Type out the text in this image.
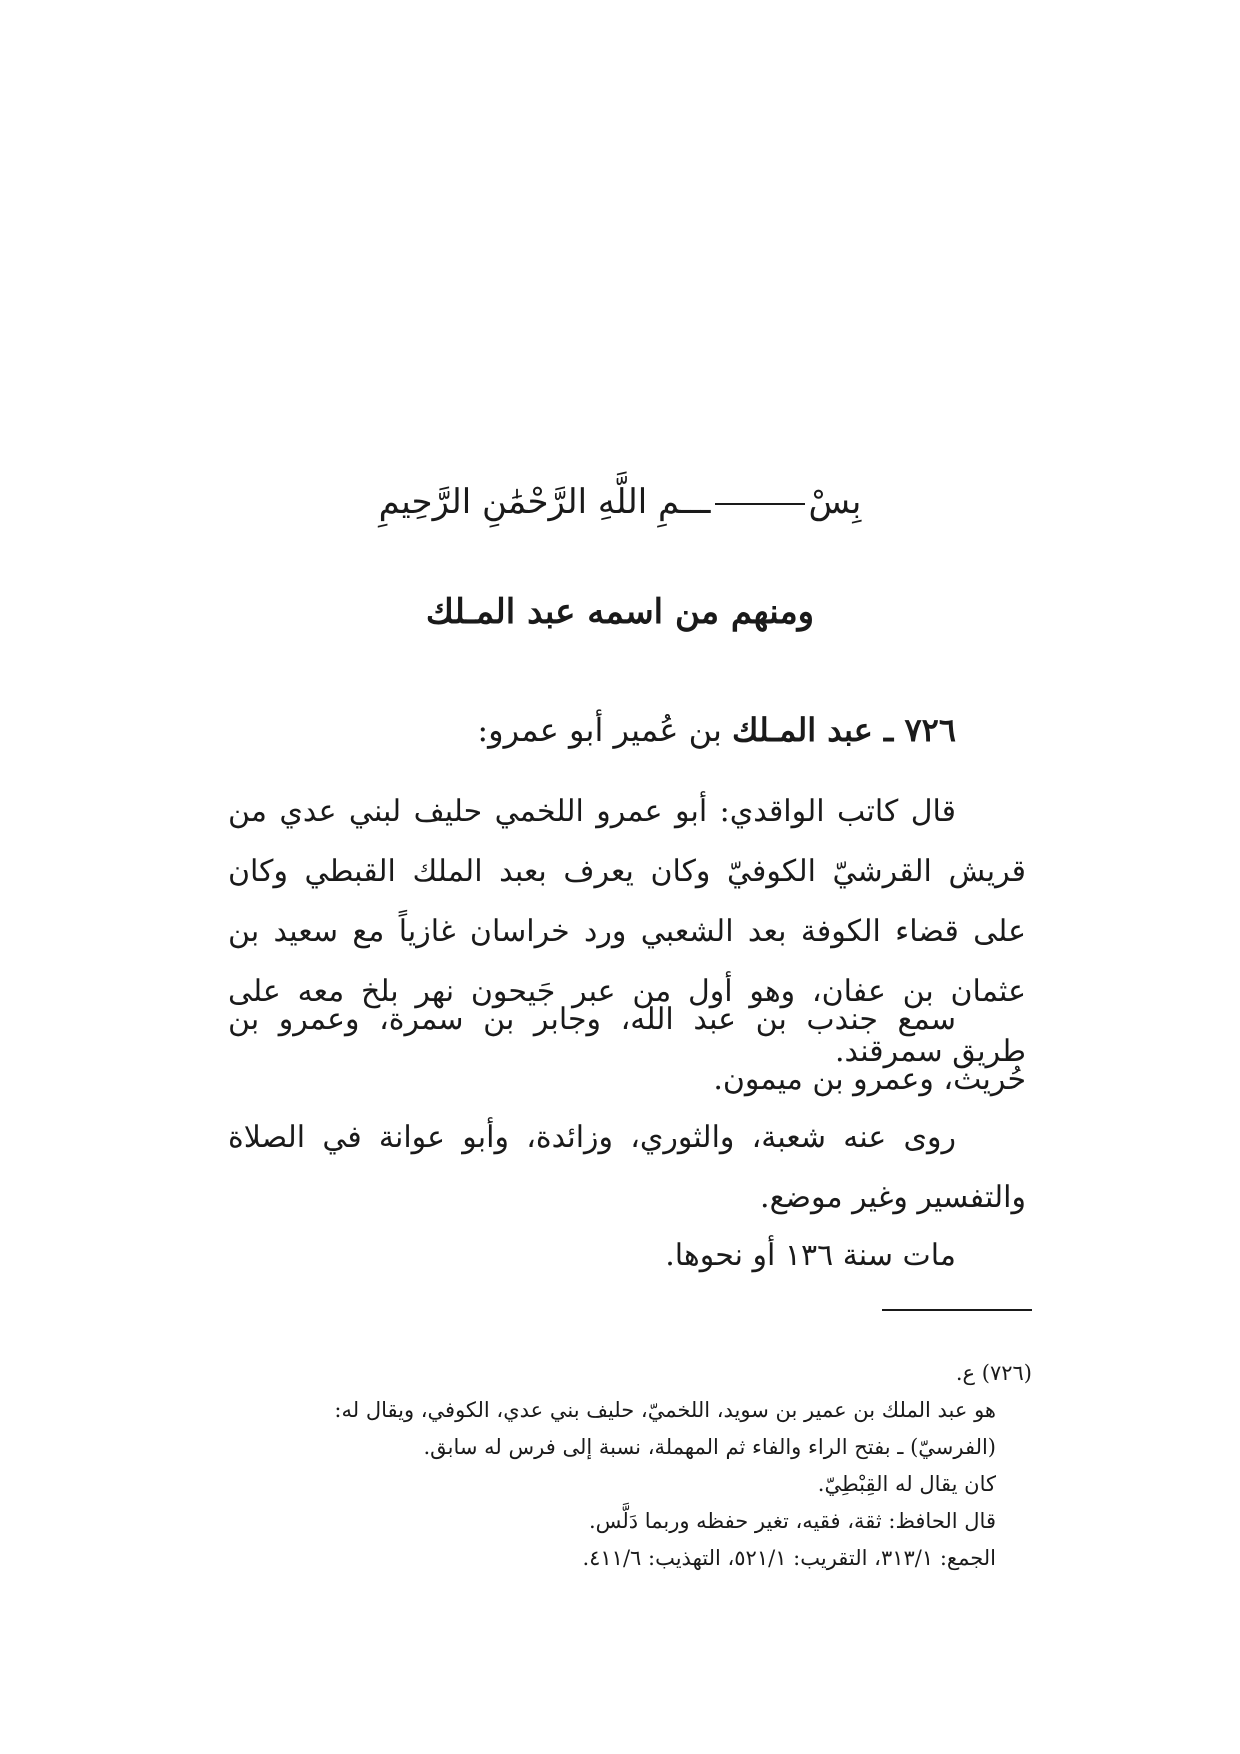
بِسْـــمِ اللَّهِ الرَّحْمَٰنِ الرَّحِيمِ
ومنهم من اسمه عبد المـلك
٧٢٦ ـ عبد المـلك بن عُمير أبو عمرو:
قال كاتب الواقدي: أبو عمرو اللخمي حليف لبني عدي من قريش القرشيّ الكوفيّ وكان يعرف بعبد الملك القبطي وكان على قضاء الكوفة بعد الشعبي ورد خراسان غازياً مع سعيد بن عثمان بن عفان، وهو أول من عبر جَيحون نهر بلخ معه على طريق سمرقند.
سمع جندب بن عبد الله، وجابر بن سمرة، وعمرو بن حُريث، وعمرو بن ميمون.
روى عنه شعبة، والثوري، وزائدة، وأبو عوانة في الصلاة والتفسير وغير موضع.
مات سنة ١٣٦ أو نحوها.
(٧٢٦) ع.
هو عبد الملك بن عمير بن سويد، اللخميّ، حليف بني عدي، الكوفي، ويقال له:
(الفرسيّ) ـ بفتح الراء والفاء ثم المهملة، نسبة إلى فرس له سابق.
كان يقال له القِبْطِيّ.
قال الحافظ: ثقة، فقيه، تغير حفظه وربما دَلَّس.
الجمع: ٣١٣/١، التقريب: ٥٢١/١، التهذيب: ٤١١/٦.
